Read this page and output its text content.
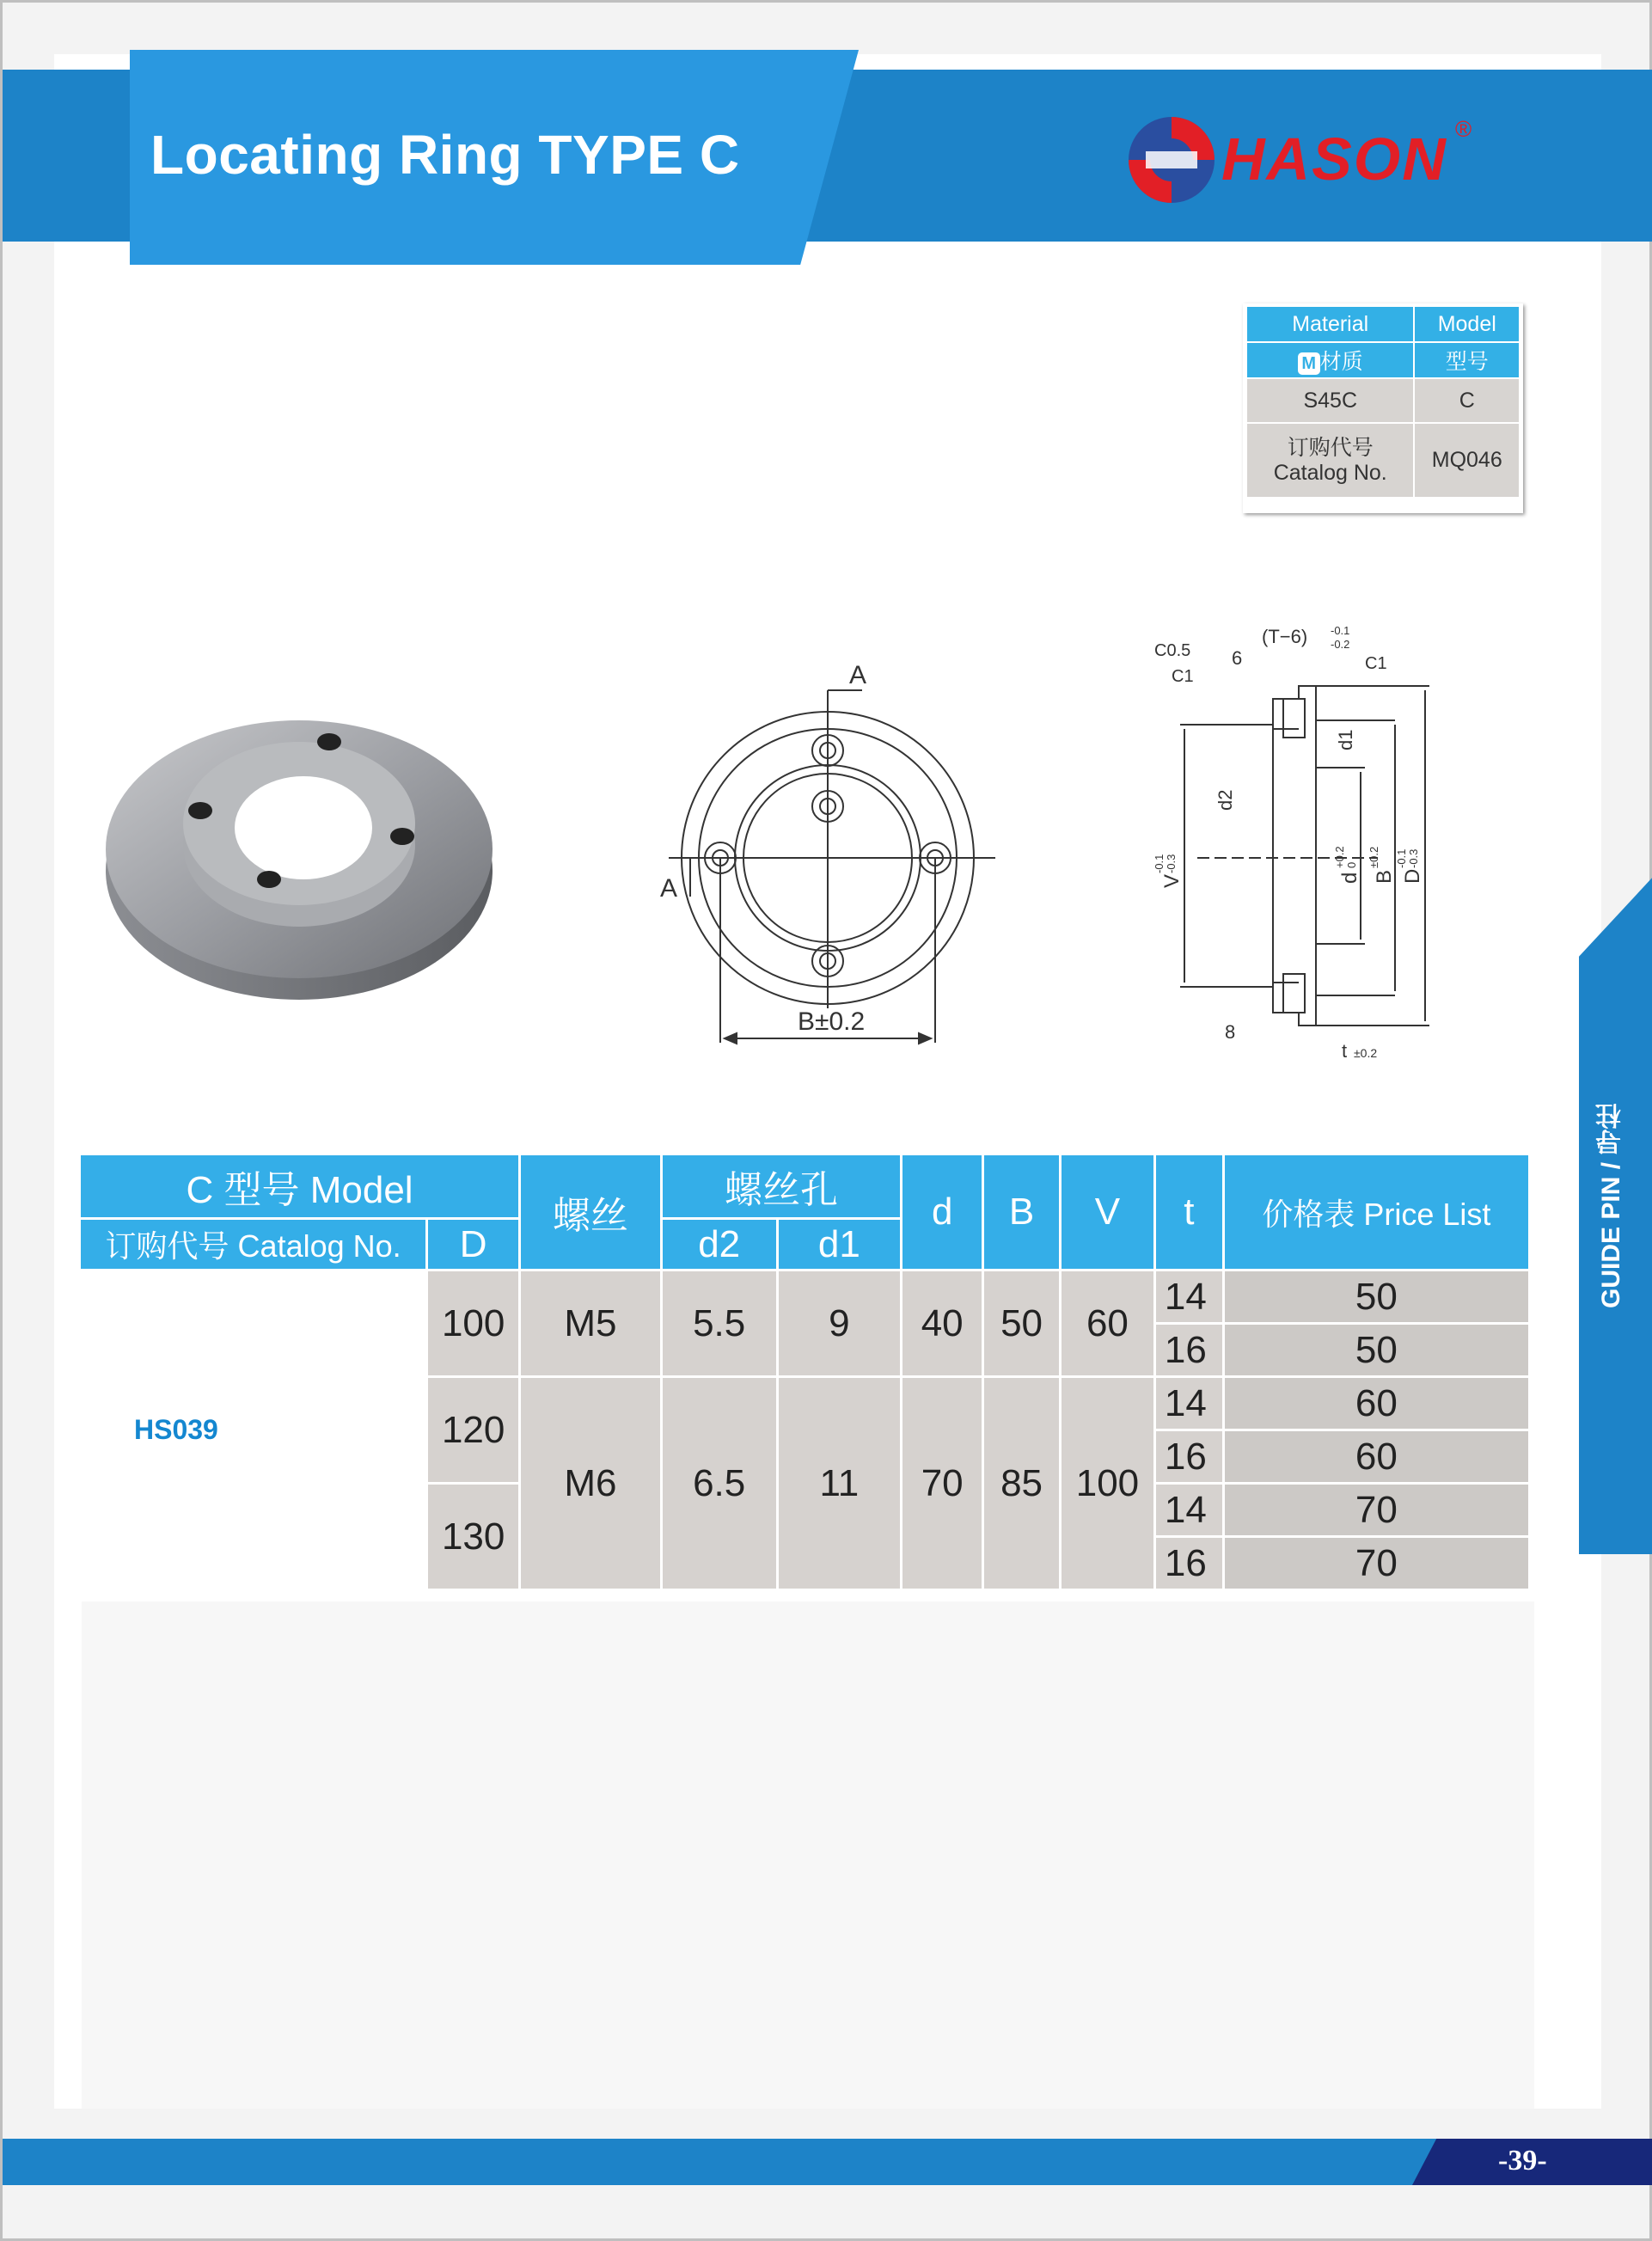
Locating Ring TYPE C	HASON ®
Material	Model
M 材质	型号
S45C	C

订购代号
Catalog No.	MQ046
A
A
B±0.2
C0.5 6
(T−6) -0.1
-0.2
C1
C1
d1
d2
V
-0.1 -0.3
d
+0.2 0
B
±0.2
D
-0.1 -0.3
8
t ±0.2
GUIDE PIN / 导柱
C 型号 Model		螺丝	螺丝孔		d	B	V	t	价格表 Price List
订购代号 Catalog No.	D		d2	d1					
HS039	100	M5	5.5	9	40	50	60	14	50
								16	50
	120	M6	6.5	11	70	85	100	14	60
								16	60
	130							14	70
								16	70
-39-
